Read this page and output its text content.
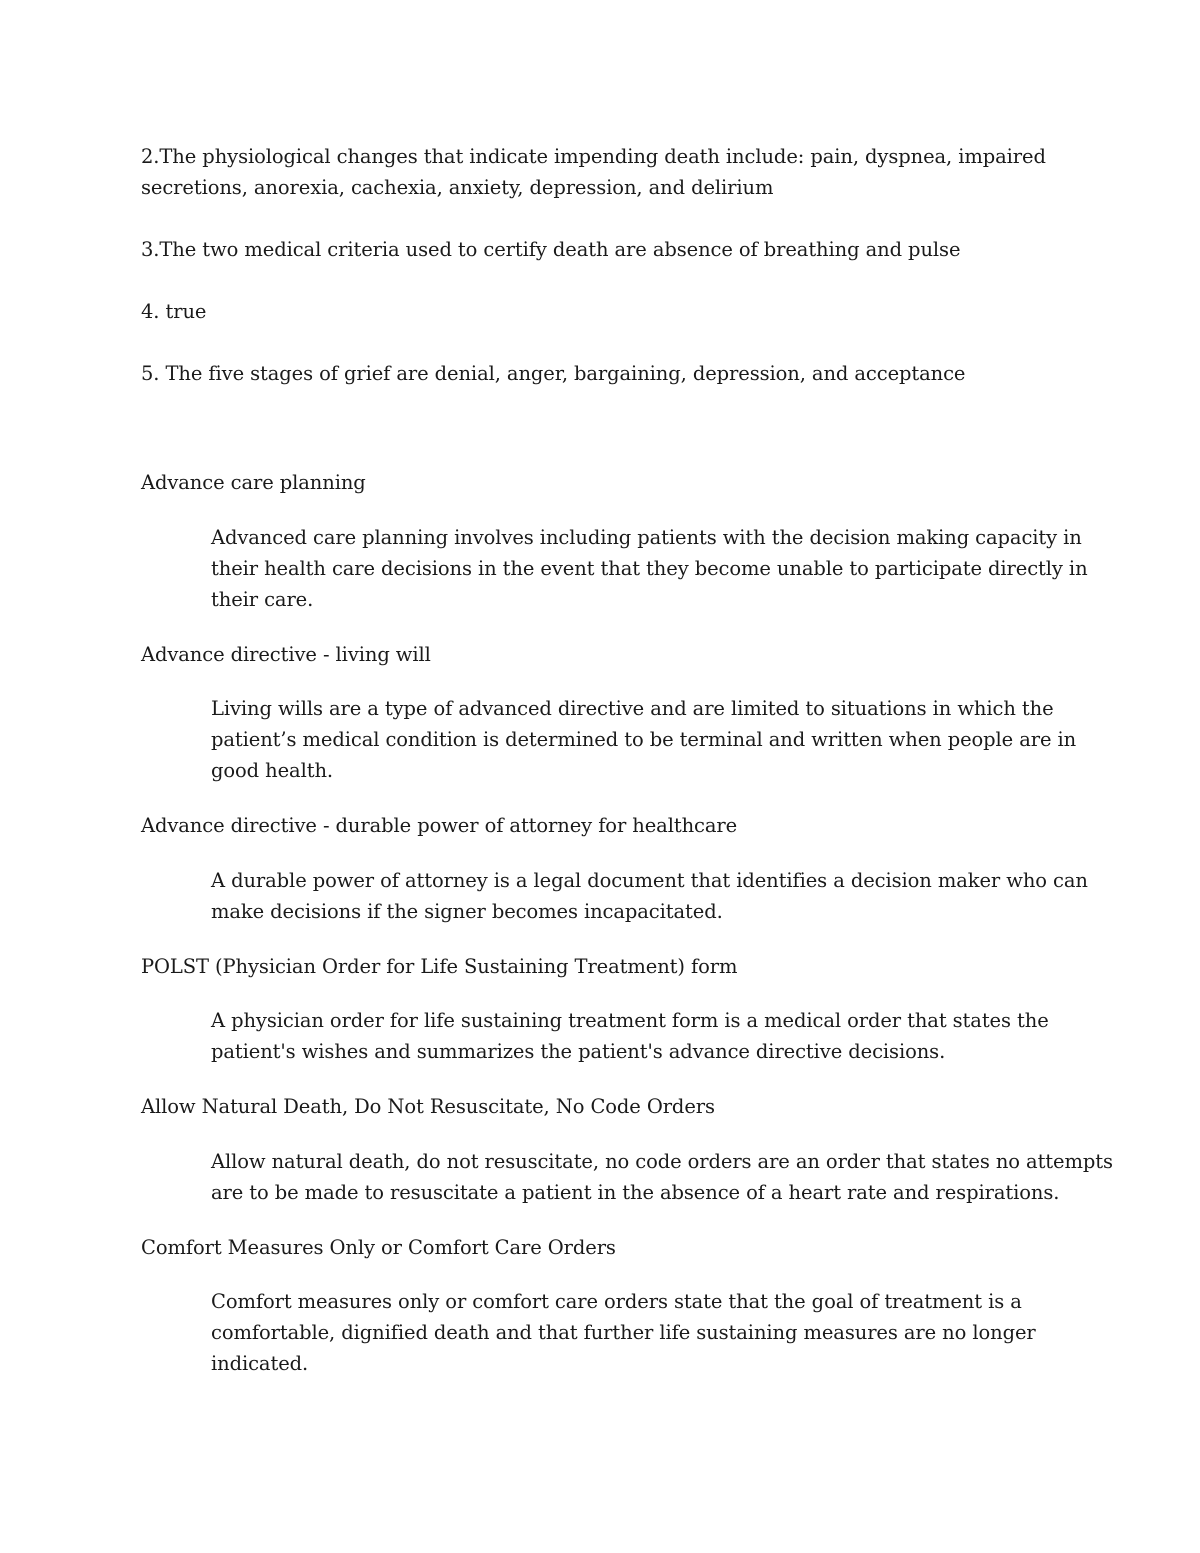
2.The physiological changes that indicate impending death include: pain, dyspnea, impaired
secretions, anorexia, cachexia, anxiety, depression, and delirium
3.The two medical criteria used to certify death are absence of breathing and pulse
4. true
5. The five stages of grief are denial, anger, bargaining, depression, and acceptance
Advance care planning
Advanced care planning involves including patients with the decision making capacity in
their health care decisions in the event that they become unable to participate directly in
their care.
Advance directive - living will
Living wills are a type of advanced directive and are limited to situations in which the
patient’s medical condition is determined to be terminal and written when people are in
good health.
Advance directive - durable power of attorney for healthcare
A durable power of attorney is a legal document that identifies a decision maker who can
make decisions if the signer becomes incapacitated.
POLST (Physician Order for Life Sustaining Treatment) form
A physician order for life sustaining treatment form is a medical order that states the
patient's wishes and summarizes the patient's advance directive decisions.
Allow Natural Death, Do Not Resuscitate, No Code Orders
Allow natural death, do not resuscitate, no code orders are an order that states no attempts
are to be made to resuscitate a patient in the absence of a heart rate and respirations.
Comfort Measures Only or Comfort Care Orders
Comfort measures only or comfort care orders state that the goal of treatment is a
comfortable, dignified death and that further life sustaining measures are no longer
indicated.
